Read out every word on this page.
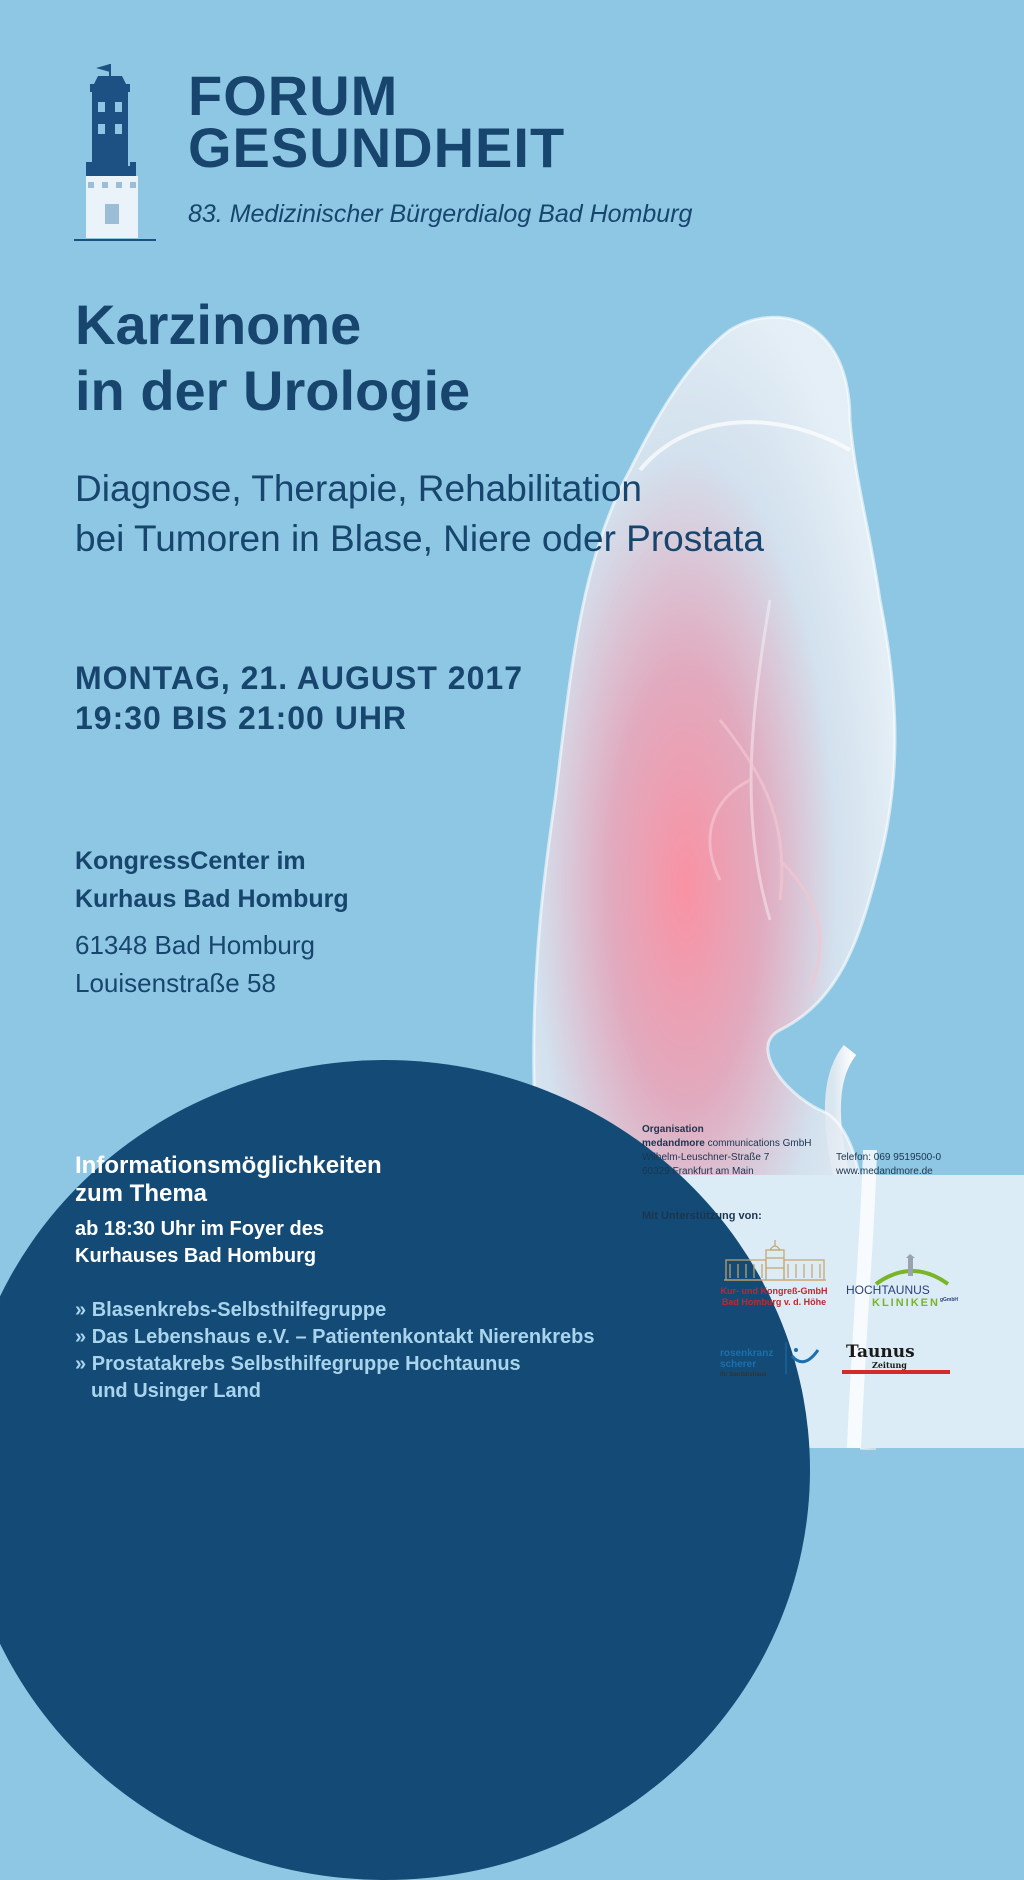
FORUM
GESUNDHEIT
83. Medizinischer Bürgerdialog Bad Homburg
Karzinome
in der Urologie
Diagnose, Therapie, Rehabilitation
bei Tumoren in Blase, Niere oder Prostata
MONTAG, 21. AUGUST 2017
19:30 BIS 21:00 UHR
KongressCenter im
Kurhaus Bad Homburg
61348 Bad Homburg
Louisenstraße 58
Informationsmöglichkeiten
zum Thema
ab 18:30 Uhr im Foyer des
Kurhauses Bad Homburg
» Blasenkrebs-Selbsthilfegruppe
» Das Lebenshaus e.V. – Patientenkontakt Nierenkrebs
» Prostatakrebs Selbsthilfegruppe Hochtaunus
und Usinger Land
Organisation
medandmore communications GmbH
Wilhelm-Leuschner-Straße 7
60329 Frankfurt am Main
Telefon: 069 9519500-0
www.medandmore.de
Mit Unterstützung von:
Kur- und Kongreß-GmbH
Bad Homburg v. d. Höhe
HOCHTAUNUS
$KLINIKEN^{gGmbH}$
rosenkranz
scherer
Ihr Sanitätshaus
Taunus
Zeitung
